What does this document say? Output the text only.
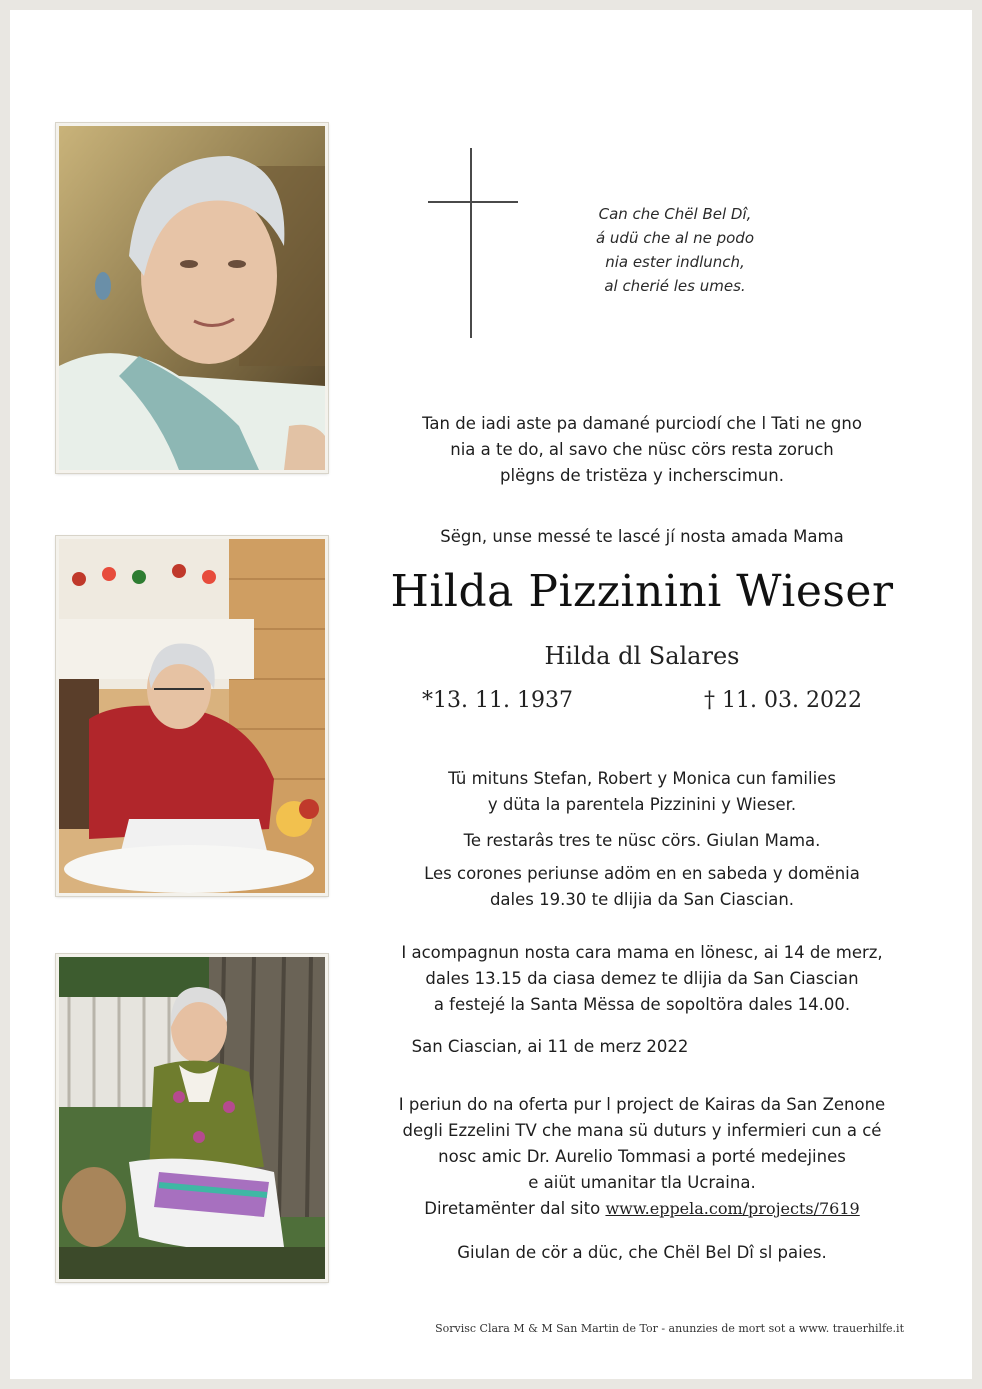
Can che Chël Bel Dî,
á udü che al ne podo
nia ester indlunch,
al cherié les umes.
Tan de iadi aste pa damané purciodí che l Tati ne gno
nia a te do, al savo che nüsc cörs resta zoruch
plëgns de tristëza y incherscimun.
Sëgn, unse messé te lascé jí nosta amada Mama
Hilda Pizzinini Wieser
Hilda dl Salares
*13. 11. 1937	† 11. 03. 2022
Tü mituns Stefan, Robert y Monica cun families
y düta la parentela Pizzinini y Wieser.
Te restarâs tres te nüsc cörs. Giulan Mama.
Les corones periunse adöm en en sabeda y domënia
dales 19.30 te dlijia da San Ciascian.
I acompagnun nosta cara mama en lönesc, ai 14 de merz,
dales 13.15 da ciasa demez te dlijia da San Ciascian
a festejé la Santa Mëssa de sopoltöra dales 14.00.
San Ciascian, ai 11 de merz 2022
I periun do na oferta pur l project de Kairas da San Zenone
degli Ezzelini TV che mana sü duturs y infermieri cun a cé
nosc amic Dr. Aurelio Tommasi a porté medejines
e aiüt umanitar tla Ucraina.
Diretamënter dal sito www.eppela.com/projects/7619
Giulan de cör a düc, che Chël Bel Dî sl paies.
Sorvisc Clara M & M San Martin de Tor - anunzies de mort sot a www. trauerhilfe.it
